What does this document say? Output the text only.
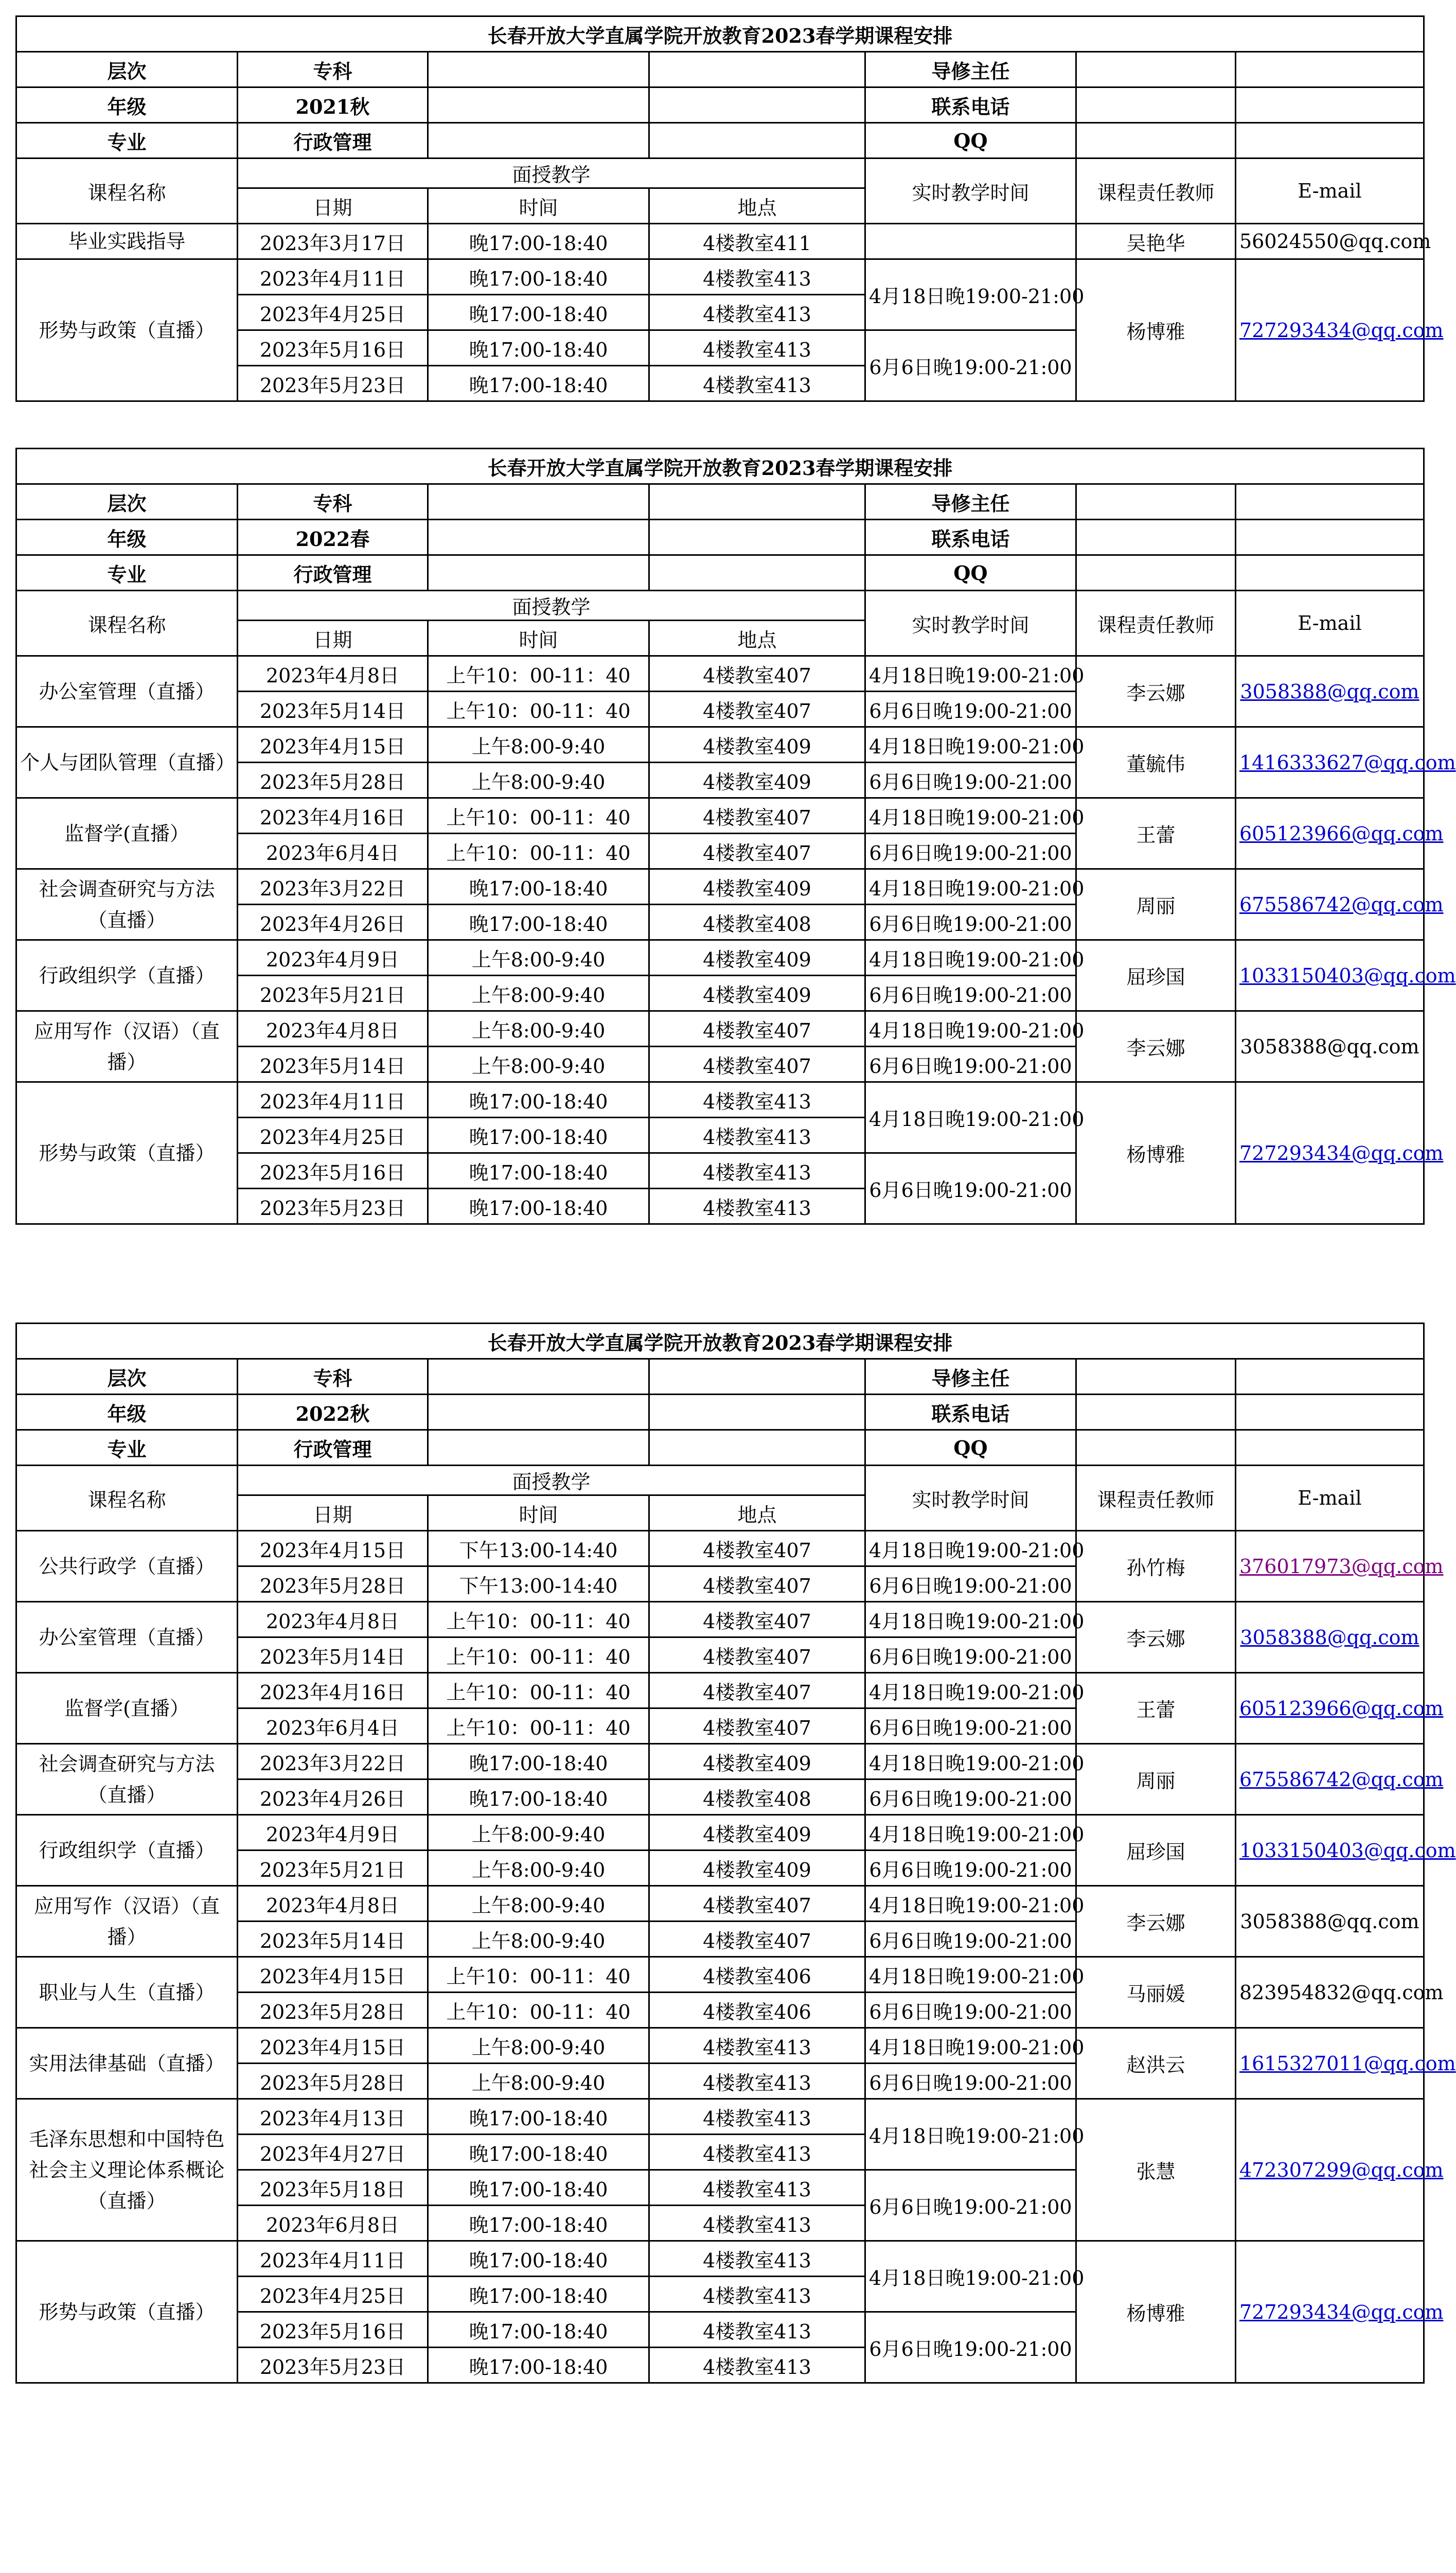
长春开放大学直属学院开放教育2023春学期课程安排						
层次	专科			导修主任		
年级	2021秋			联系电话		
专业	行政管理			QQ		
课程名称	面授教学			实时教学时间	课程责任教师	E-mail
	日期	时间	地点			
毕业实践指导	2023年3月17日	晚17:00-18:40	4楼教室411		吴艳华	56024550@qq.com
形势与政策（直播）	2023年4月11日	晚17:00-18:40	4楼教室413	4月18日晚19:00-21:00	杨博雅	727293434@qq.com
	2023年4月25日	晚17:00-18:40	4楼教室413			
	2023年5月16日	晚17:00-18:40	4楼教室413	6月6日晚19:00-21:00		
	2023年5月23日	晚17:00-18:40	4楼教室413			
长春开放大学直属学院开放教育2023春学期课程安排						
层次	专科			导修主任		
年级	2022春			联系电话		
专业	行政管理			QQ		
课程名称	面授教学			实时教学时间	课程责任教师	E-mail
	日期	时间	地点			
办公室管理（直播）	2023年4月8日	上午10：00-11：40	4楼教室407	4月18日晚19:00-21:00	李云娜	3058388@qq.com
	2023年5月14日	上午10：00-11：40	4楼教室407	6月6日晚19:00-21:00		
个人与团队管理（直播）	2023年4月15日	上午8:00-9:40	4楼教室409	4月18日晚19:00-21:00	董毓伟	1416333627@qq.com
	2023年5月28日	上午8:00-9:40	4楼教室409	6月6日晚19:00-21:00		
监督学(直播）	2023年4月16日	上午10：00-11：40	4楼教室407	4月18日晚19:00-21:00	王蕾	605123966@qq.com
	2023年6月4日	上午10：00-11：40	4楼教室407	6月6日晚19:00-21:00		
社会调查研究与方法（直播）	2023年3月22日	晚17:00-18:40	4楼教室409	4月18日晚19:00-21:00	周丽	675586742@qq.com
	2023年4月26日	晚17:00-18:40	4楼教室408	6月6日晚19:00-21:00		
行政组织学（直播）	2023年4月9日	上午8:00-9:40	4楼教室409	4月18日晚19:00-21:00	屈珍国	1033150403@qq.com
	2023年5月21日	上午8:00-9:40	4楼教室409	6月6日晚19:00-21:00		
应用写作（汉语）（直播）	2023年4月8日	上午8:00-9:40	4楼教室407	4月18日晚19:00-21:00	李云娜	3058388@qq.com
	2023年5月14日	上午8:00-9:40	4楼教室407	6月6日晚19:00-21:00		
形势与政策（直播）	2023年4月11日	晚17:00-18:40	4楼教室413	4月18日晚19:00-21:00	杨博雅	727293434@qq.com
	2023年4月25日	晚17:00-18:40	4楼教室413			
	2023年5月16日	晚17:00-18:40	4楼教室413	6月6日晚19:00-21:00		
	2023年5月23日	晚17:00-18:40	4楼教室413			
长春开放大学直属学院开放教育2023春学期课程安排						
层次	专科			导修主任		
年级	2022秋			联系电话		
专业	行政管理			QQ		
课程名称	面授教学			实时教学时间	课程责任教师	E-mail
	日期	时间	地点			
公共行政学（直播）	2023年4月15日	下午13:00-14:40	4楼教室407	4月18日晚19:00-21:00	孙竹梅	376017973@qq.com
	2023年5月28日	下午13:00-14:40	4楼教室407	6月6日晚19:00-21:00		
办公室管理（直播）	2023年4月8日	上午10：00-11：40	4楼教室407	4月18日晚19:00-21:00	李云娜	3058388@qq.com
	2023年5月14日	上午10：00-11：40	4楼教室407	6月6日晚19:00-21:00		
监督学(直播）	2023年4月16日	上午10：00-11：40	4楼教室407	4月18日晚19:00-21:00	王蕾	605123966@qq.com
	2023年6月4日	上午10：00-11：40	4楼教室407	6月6日晚19:00-21:00		
社会调查研究与方法（直播）	2023年3月22日	晚17:00-18:40	4楼教室409	4月18日晚19:00-21:00	周丽	675586742@qq.com
	2023年4月26日	晚17:00-18:40	4楼教室408	6月6日晚19:00-21:00		
行政组织学（直播）	2023年4月9日	上午8:00-9:40	4楼教室409	4月18日晚19:00-21:00	屈珍国	1033150403@qq.com
	2023年5月21日	上午8:00-9:40	4楼教室409	6月6日晚19:00-21:00		
应用写作（汉语）（直播）	2023年4月8日	上午8:00-9:40	4楼教室407	4月18日晚19:00-21:00	李云娜	3058388@qq.com
	2023年5月14日	上午8:00-9:40	4楼教室407	6月6日晚19:00-21:00		
职业与人生（直播）	2023年4月15日	上午10：00-11：40	4楼教室406	4月18日晚19:00-21:00	马丽媛	823954832@qq.com
	2023年5月28日	上午10：00-11：40	4楼教室406	6月6日晚19:00-21:00		
实用法律基础（直播）	2023年4月15日	上午8:00-9:40	4楼教室413	4月18日晚19:00-21:00	赵洪云	1615327011@qq.com
	2023年5月28日	上午8:00-9:40	4楼教室413	6月6日晚19:00-21:00		
毛泽东思想和中国特色社会主义理论体系概论（直播）	2023年4月13日	晚17:00-18:40	4楼教室413	4月18日晚19:00-21:00	张慧	472307299@qq.com
	2023年4月27日	晚17:00-18:40	4楼教室413			
	2023年5月18日	晚17:00-18:40	4楼教室413	6月6日晚19:00-21:00		
	2023年6月8日	晚17:00-18:40	4楼教室413			
形势与政策（直播）	2023年4月11日	晚17:00-18:40	4楼教室413	4月18日晚19:00-21:00	杨博雅	727293434@qq.com
	2023年4月25日	晚17:00-18:40	4楼教室413			
	2023年5月16日	晚17:00-18:40	4楼教室413	6月6日晚19:00-21:00		
	2023年5月23日	晚17:00-18:40	4楼教室413			
